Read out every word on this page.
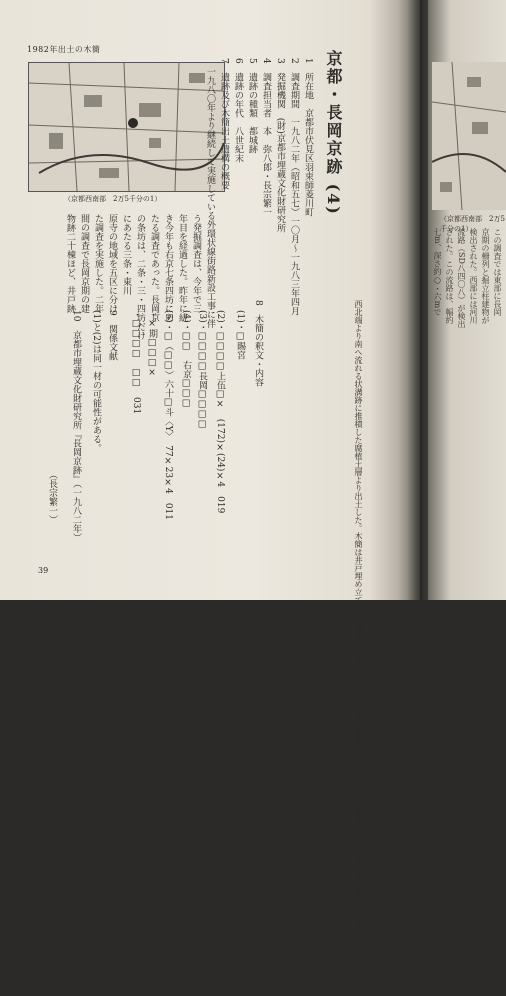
1982年出土の木簡
（京都西南部　2万5千分の1）
（京都西南部　2万5千分の1）
京都・長岡京跡 (4)
1　所在地　京都市伏見区羽束師菱川町
2　調査期間　一九八二年（昭和五七）一〇月～一九八三年四月
3　発掘機関　(財)京都市埋蔵文化財研究所
4　調査担当者　本　弥八郎・長宗繁一
5　遺跡の種類　都城跡
6　遺跡の年代　八世紀末
7　遺跡及び木簡出土遺構の概要
　一九八〇年より継続して実施している外環状線街路新設工事に伴
　う発掘調査は、今年で三
　年目を経過した。昨年に続
　き今年も右京七条四坊にあ
　たる調査であった。長岡京
　の条坊は、二条・三・四坊だけ
　にあたる三条・東川
　原寺の地域を五区に分け
　た調査を実施した。二年
　間の調査で長岡京期の建
　物跡二十棟ほど、井戸跡
西北端より南へ流れる状溝跡に推積した腐植土層より出土した。木簡は井戸埋め立て土と堆積土から出土し、年代は出土遺物から八世紀末と判断される。また長岡京期に比定されるものである。
8　木簡の釈文・内容
(1)・□賜宮
(2)・□□□□上伍□×　(172)×(24)×4　019
(3)・□□□□長岡□□□□
(4)・□□　右京□□□
(5)・□（□□）六十□斗〈Y〉　77×23×4　011
・×期□□□×
・□□□□　□□　031
9　関係文献
(1)と(2)は同一材の可能性がある。
10　京都市埋蔵文化財研究所『長岡京跡』（一九八二年）
（長宗繁一）
この調査では東部に長岡
京期の柵列と掘立柱建物が
検出された。西部には河川
流路（SD八四〇八）が検出
された。この流路は、幅約
七m、深さ約○・六mで
39
